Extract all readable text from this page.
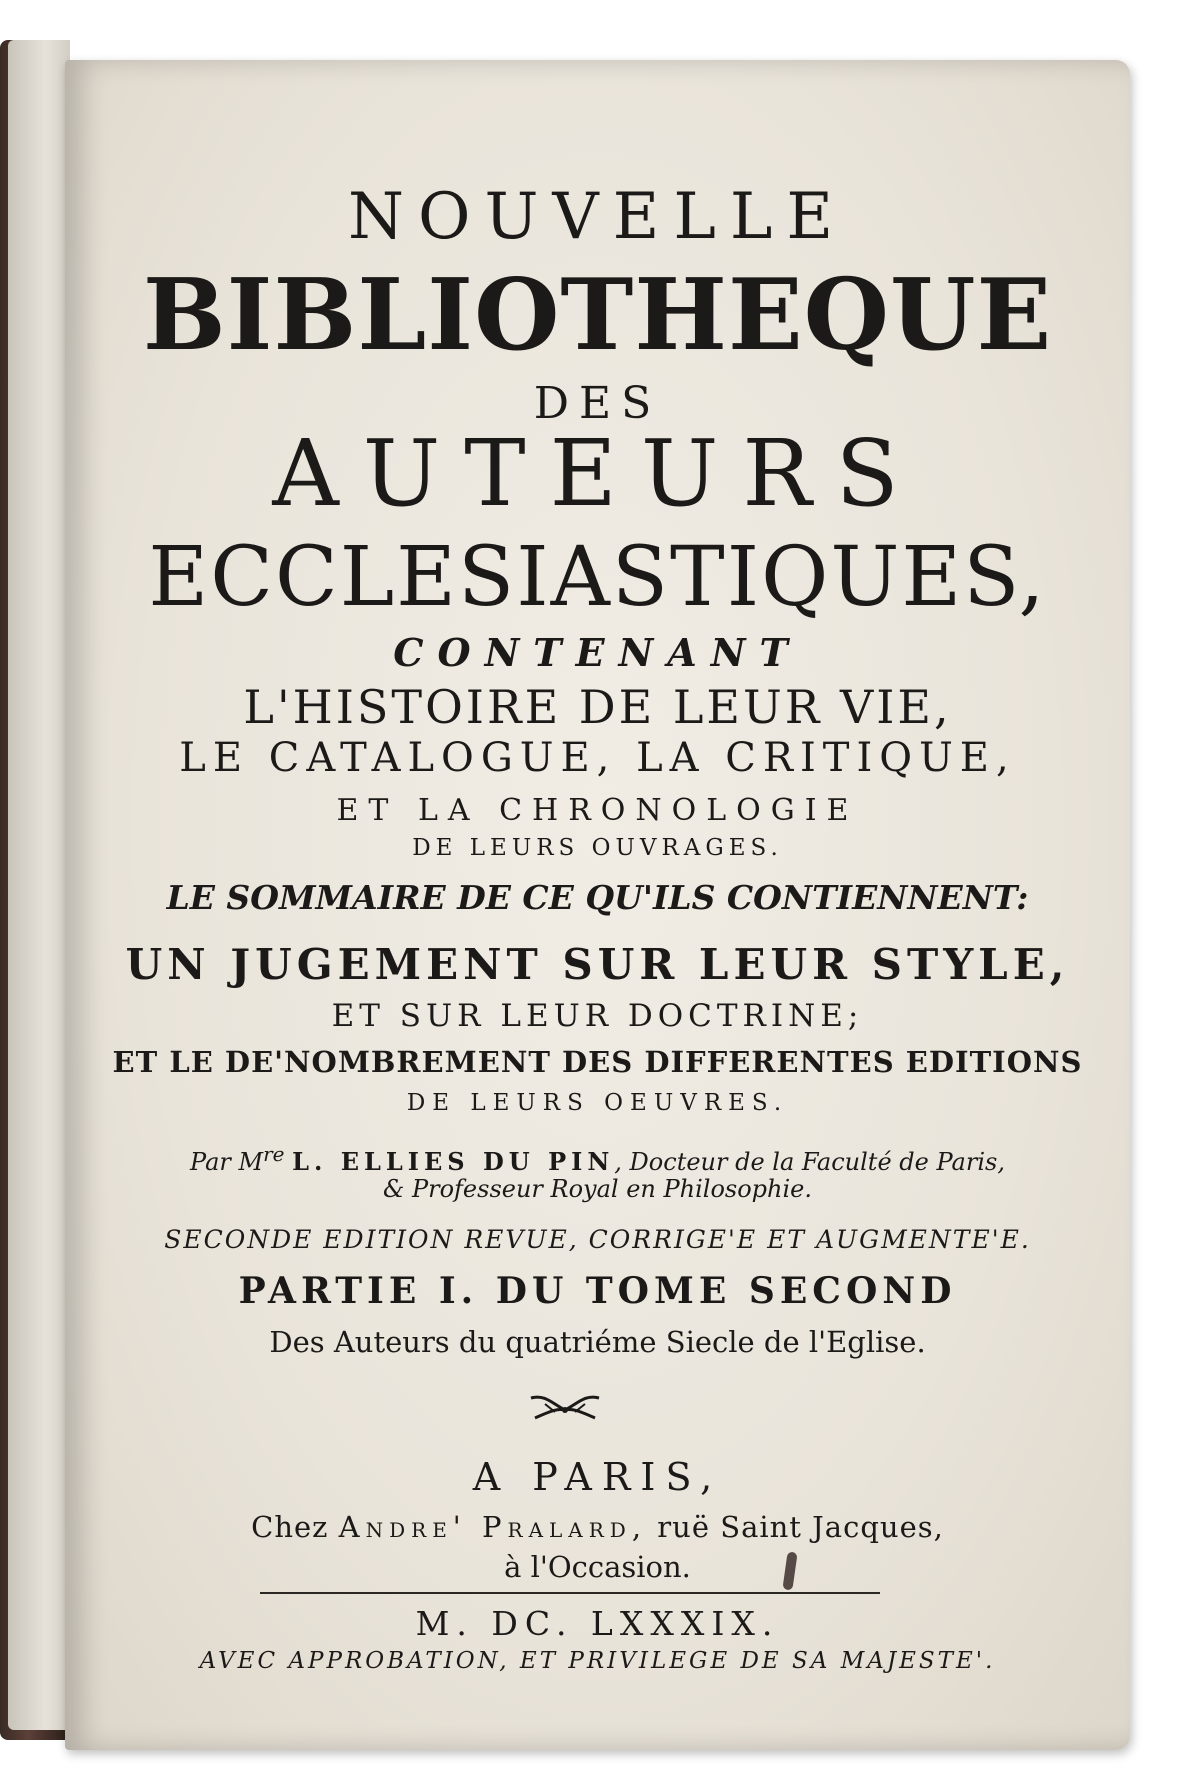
NOUVELLE
BIBLIOTHEQUE
DES
AUTEURS
ECCLESIASTIQUES,
CONTENANT
L'HISTOIRE DE LEUR VIE,
LE CATALOGUE, LA CRITIQUE,
ET LA CHRONOLOGIE
DE LEURS OUVRAGES.
LE SOMMAIRE DE CE QU'ILS CONTIENNENT:
UN JUGEMENT SUR LEUR STYLE,
ET SUR LEUR DOCTRINE;
ET LE DE'NOMBREMENT DES DIFFERENTES EDITIONS
DE LEURS OEUVRES.
Par Mre L. ELLIES DU PIN, Docteur de la Faculté de Paris,
& Professeur Royal en Philosophie.
SECONDE EDITION REVUE, CORRIGE'E ET AUGMENTE'E.
PARTIE I. DU TOME SECOND
Des Auteurs du quatriéme Siecle de l'Eglise.
A PARIS,
Chez Andre' Pralard, ruë Saint Jacques,
à l'Occasion.
M. DC. LXXXIX.
AVEC APPROBATION, ET PRIVILEGE DE SA MAJESTE'.
